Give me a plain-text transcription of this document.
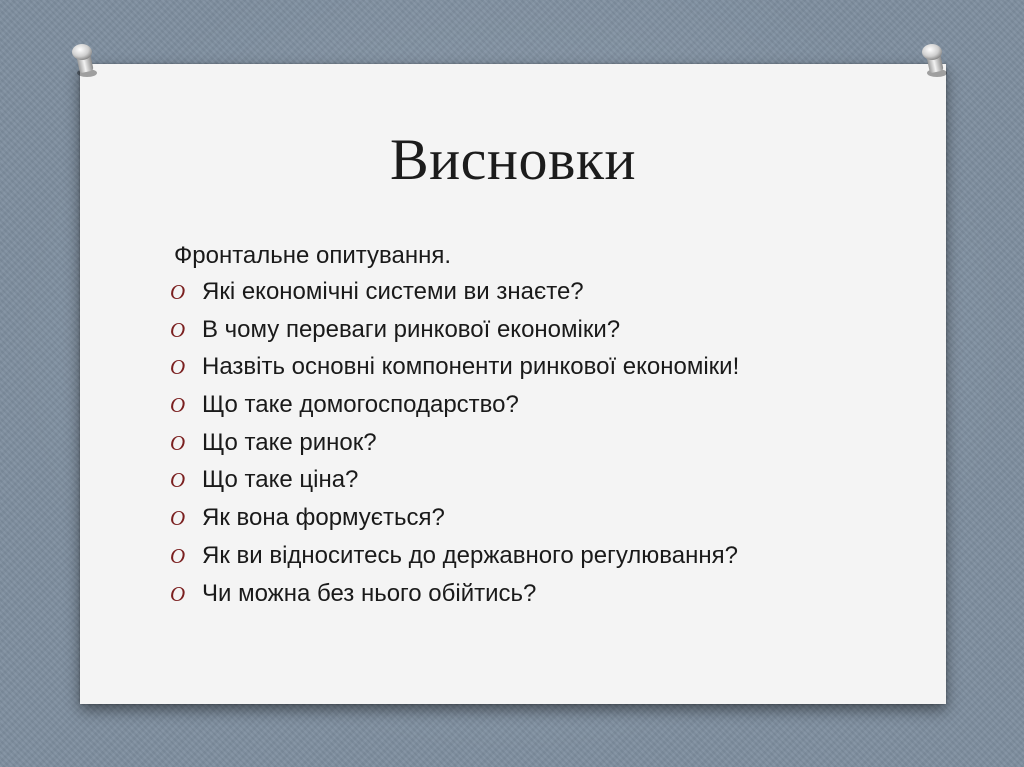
Висновки
Фронтальне опитування.
O Які економічні системи ви знаєте?
O В чому переваги ринкової економіки?
O Назвіть основні компоненти ринкової економіки!
O Що таке домогосподарство?
O Що таке ринок?
O Що таке ціна?
O Як вона формується?
O Як ви відноситесь до державного регулювання?
O Чи можна без нього обійтись?
